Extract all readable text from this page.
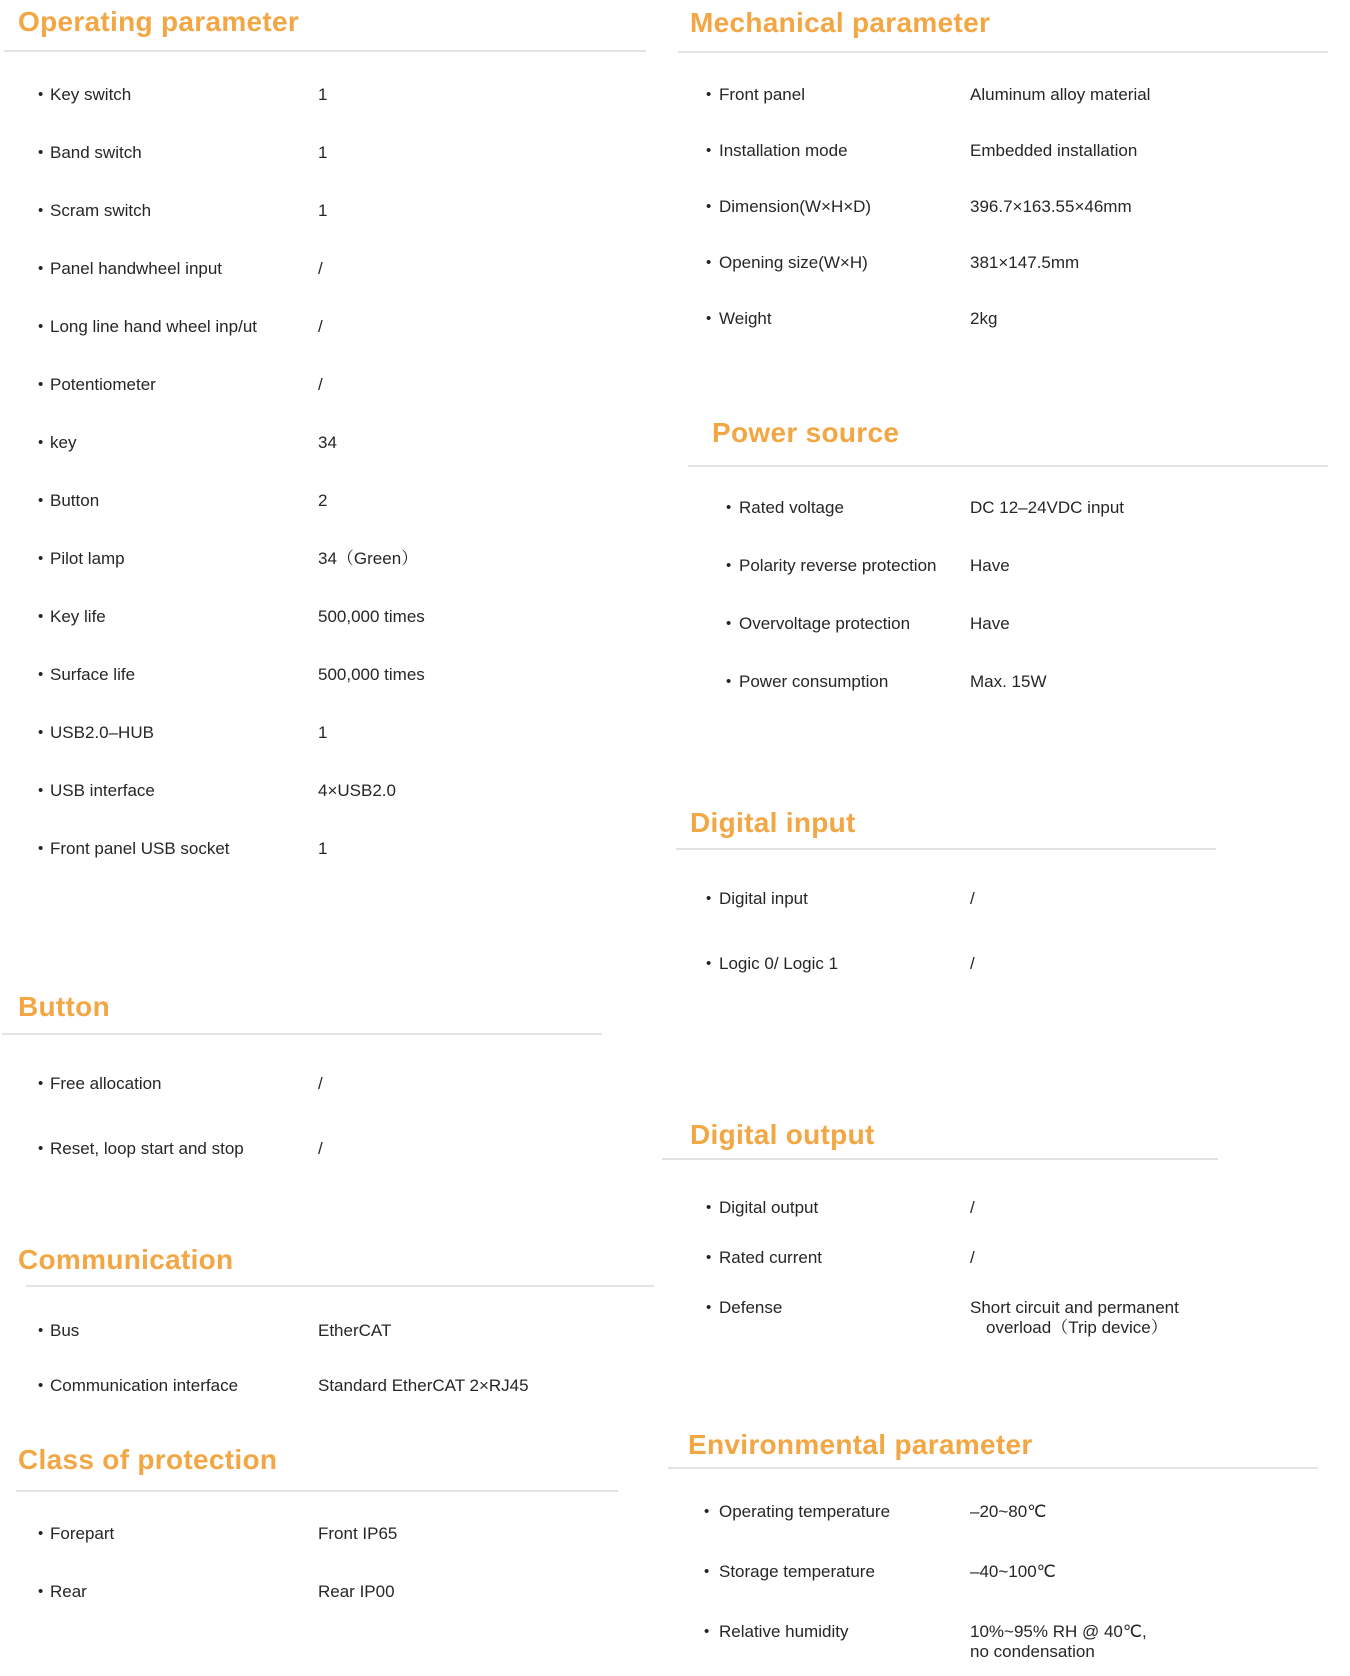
Operating parameter
• Key switch	1
• Band switch	1
• Scram switch	1
• Panel handwheel input	/
• Long line hand wheel inp/ut	/
• Potentiometer	/
• key	34
• Button	2
• Pilot lamp	34（Green）
• Key life	500,000 times
• Surface life	500,000 times
• USB2.0–HUB	1
• USB interface	4×USB2.0
• Front panel USB socket	1
Button
• Free allocation	/
• Reset, loop start and stop	/
Communication
• Bus	EtherCAT
• Communication interface	Standard EtherCAT 2×RJ45
Class of protection
• Forepart	Front IP65
• Rear	Rear IP00
Mechanical parameter
• Front panel	Aluminum alloy material
• Installation mode	Embedded installation
• Dimension(W×H×D)	396.7×163.55×46mm
• Opening size(W×H)	381×147.5mm
• Weight	2kg
Power source
• Rated voltage	DC 12–24VDC input
• Polarity reverse protection Have
• Overvoltage protection	Have
• Power consumption	Max. 15W
Digital input
• Digital input	/
• Logic 0/ Logic 1	/
Digital output
• Digital output	/
• Rated current	/
• Defense	Short circuit and permanent
overload（Trip device）
Environmental parameter
• Operating temperature	–20~80℃
• Storage temperature	–40~100℃
• Relative humidity	10%~95% RH @ 40℃,
no condensation
